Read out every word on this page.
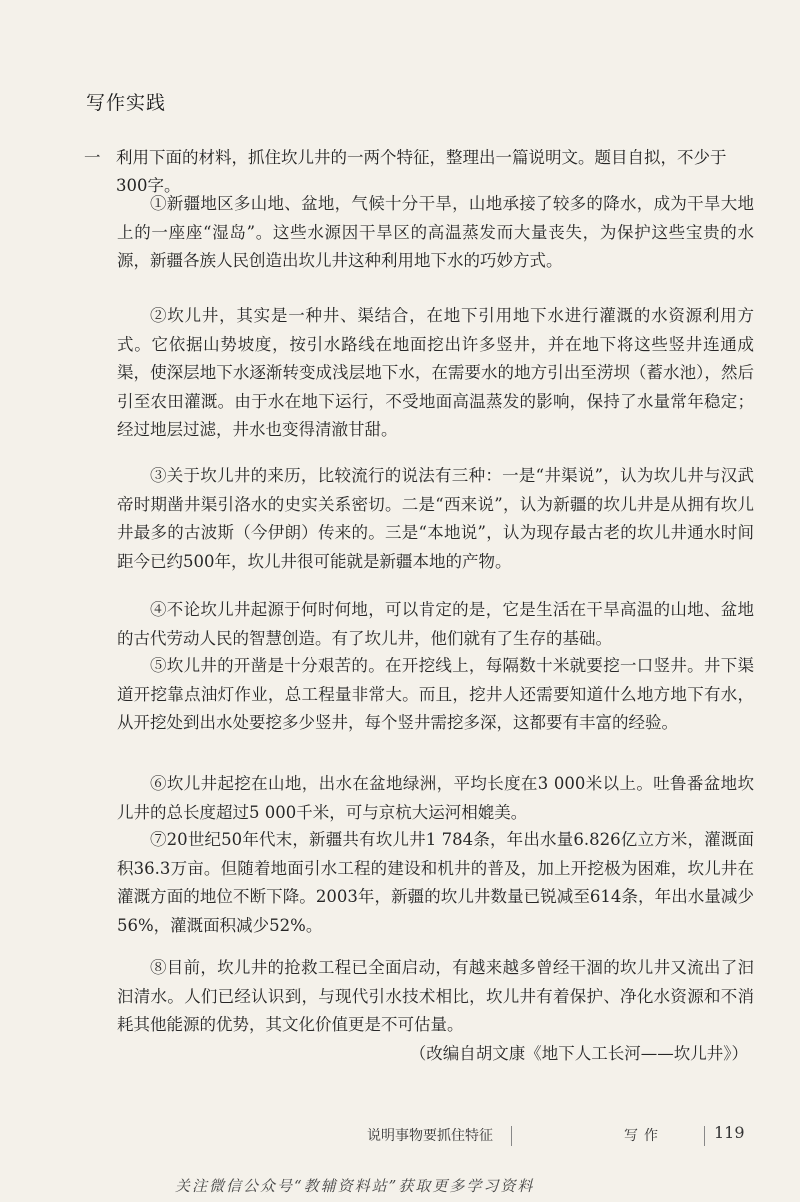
写作实践
一 利用下面的材料，抓住坎儿井的一两个特征，整理出一篇说明文。题目自拟，不少于300字。

①新疆地区多山地、盆地，气候十分干旱，山地承接了较多的降水，成为干旱大地上的一座座“湿岛”。这些水源因干旱区的高温蒸发而大量丧失，为保护这些宝贵的水源，新疆各族人民创造出坎儿井这种利用地下水的巧妙方式。

②坎儿井，其实是一种井、渠结合，在地下引用地下水进行灌溉的水资源利用方式。它依据山势坡度，按引水路线在地面挖出许多竖井，并在地下将这些竖井连通成渠，使深层地下水逐渐转变成浅层地下水，在需要水的地方引出至涝坝（蓄水池），然后引至农田灌溉。由于水在地下运行，不受地面高温蒸发的影响，保持了水量常年稳定；经过地层过滤，井水也变得清澈甘甜。

③关于坎儿井的来历，比较流行的说法有三种：一是“井渠说”，认为坎儿井与汉武帝时期凿井渠引洛水的史实关系密切。二是“西来说”，认为新疆的坎儿井是从拥有坎儿井最多的古波斯（今伊朗）传来的。三是“本地说”，认为现存最古老的坎儿井通水时间距今已约500年，坎儿井很可能就是新疆本地的产物。

④不论坎儿井起源于何时何地，可以肯定的是，它是生活在干旱高温的山地、盆地的古代劳动人民的智慧创造。有了坎儿井，他们就有了生存的基础。

⑤坎儿井的开凿是十分艰苦的。在开挖线上，每隔数十米就要挖一口竖井。井下渠道开挖靠点油灯作业，总工程量非常大。而且，挖井人还需要知道什么地方地下有水，从开挖处到出水处要挖多少竖井，每个竖井需挖多深，这都要有丰富的经验。

⑥坎儿井起挖在山地，出水在盆地绿洲，平均长度在3 000米以上。吐鲁番盆地坎儿井的总长度超过5 000千米，可与京杭大运河相媲美。

⑦20世纪50年代末，新疆共有坎儿井1 784条，年出水量6.826亿立方米，灌溉面积36.3万亩。但随着地面引水工程的建设和机井的普及，加上开挖极为困难，坎儿井在灌溉方面的地位不断下降。2003年，新疆的坎儿井数量已锐减至614条，年出水量减少56%，灌溉面积减少52%。

⑧目前，坎儿井的抢救工程已全面启动，有越来越多曾经干涸的坎儿井又流出了汩汩清水。人们已经认识到，与现代引水技术相比，坎儿井有着保护、净化水资源和不消耗其他能源的优势，其文化价值更是不可估量。

（改编自胡文康《地下人工长河——坎儿井》）
说明事物要抓住特征	写作	119
关注微信公众号“教辅资料站”获取更多学习资料
